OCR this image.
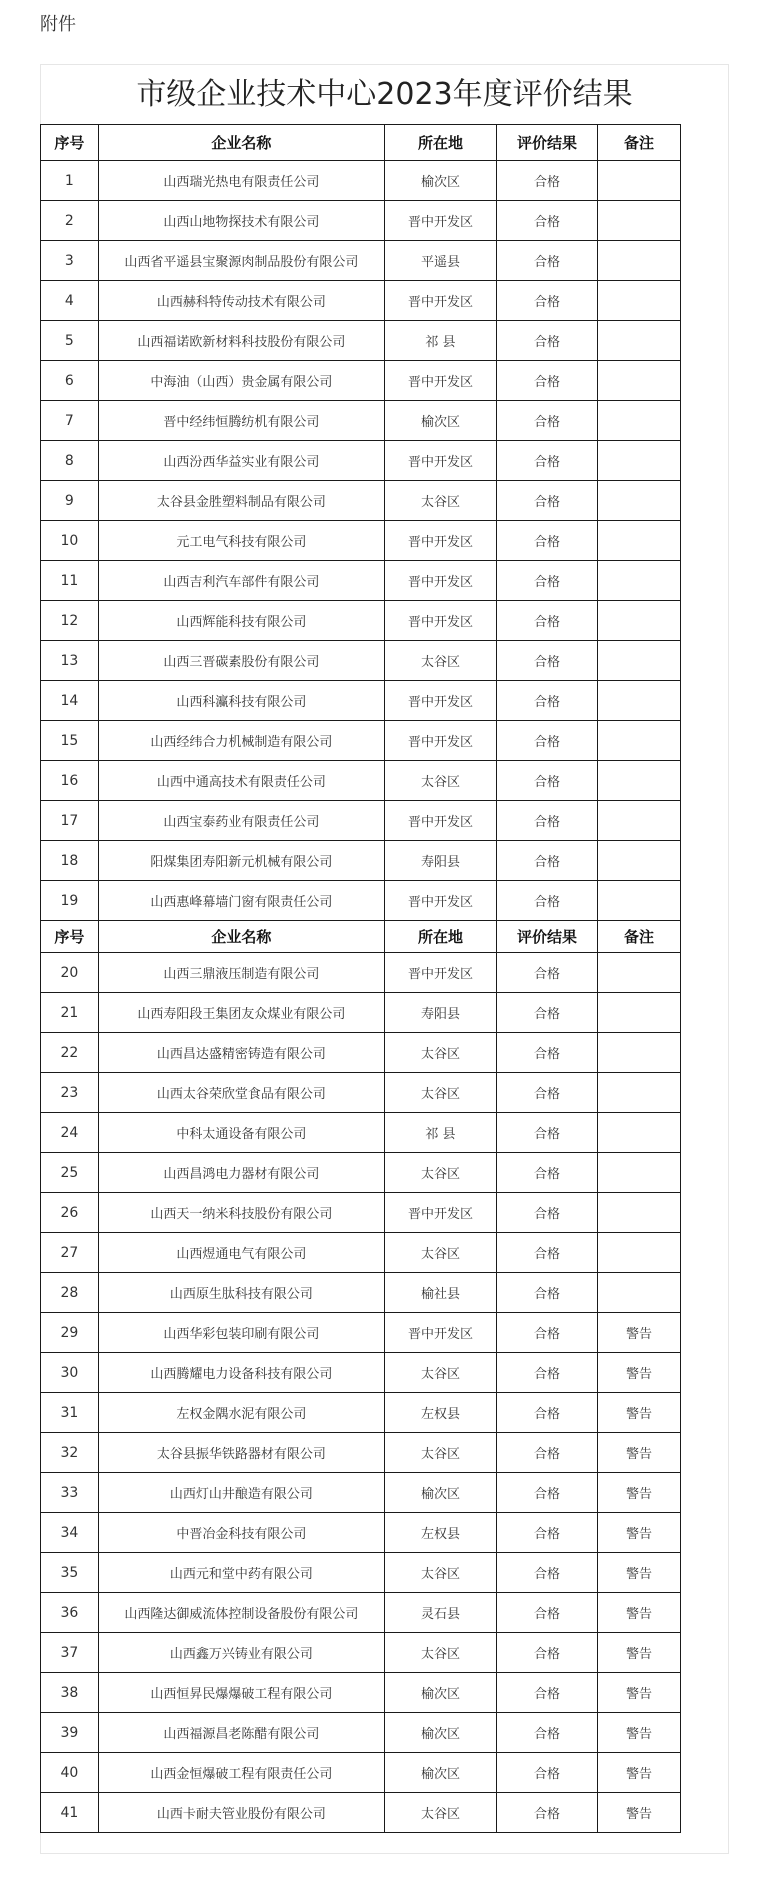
附件
市级企业技术中心2023年度评价结果
序号	企业名称	所在地	评价结果	备注
1	山西瑞光热电有限责任公司	榆次区	合格	
2	山西山地物探技术有限公司	晋中开发区	合格	
3	山西省平遥县宝聚源肉制品股份有限公司	平遥县	合格	
4	山西赫科特传动技术有限公司	晋中开发区	合格	
5	山西福诺欧新材料科技股份有限公司	祁 县	合格	
6	中海油（山西）贵金属有限公司	晋中开发区	合格	
7	晋中经纬恒腾纺机有限公司	榆次区	合格	
8	山西汾西华益实业有限公司	晋中开发区	合格	
9	太谷县金胜塑料制品有限公司	太谷区	合格	
10	元工电气科技有限公司	晋中开发区	合格	
11	山西吉利汽车部件有限公司	晋中开发区	合格	
12	山西辉能科技有限公司	晋中开发区	合格	
13	山西三晋碳素股份有限公司	太谷区	合格	
14	山西科灜科技有限公司	晋中开发区	合格	
15	山西经纬合力机械制造有限公司	晋中开发区	合格	
16	山西中通高技术有限责任公司	太谷区	合格	
17	山西宝泰药业有限责任公司	晋中开发区	合格	
18	阳煤集团寿阳新元机械有限公司	寿阳县	合格	
19	山西惠峰幕墙门窗有限责任公司	晋中开发区	合格	
序号	企业名称	所在地	评价结果	备注
20	山西三鼎液压制造有限公司	晋中开发区	合格	
21	山西寿阳段王集团友众煤业有限公司	寿阳县	合格	
22	山西昌达盛精密铸造有限公司	太谷区	合格	
23	山西太谷荣欣堂食品有限公司	太谷区	合格	
24	中科太通设备有限公司	祁 县	合格	
25	山西昌鸿电力器材有限公司	太谷区	合格	
26	山西天一纳米科技股份有限公司	晋中开发区	合格	
27	山西煜通电气有限公司	太谷区	合格	
28	山西原生肽科技有限公司	榆社县	合格	
29	山西华彩包装印刷有限公司	晋中开发区	合格	警告
30	山西腾耀电力设备科技有限公司	太谷区	合格	警告
31	左权金隅水泥有限公司	左权县	合格	警告
32	太谷县振华铁路器材有限公司	太谷区	合格	警告
33	山西灯山井酿造有限公司	榆次区	合格	警告
34	中晋冶金科技有限公司	左权县	合格	警告
35	山西元和堂中药有限公司	太谷区	合格	警告
36	山西隆达御威流体控制设备股份有限公司	灵石县	合格	警告
37	山西鑫万兴铸业有限公司	太谷区	合格	警告
38	山西恒昇民爆爆破工程有限公司	榆次区	合格	警告
39	山西福源昌老陈醋有限公司	榆次区	合格	警告
40	山西金恒爆破工程有限责任公司	榆次区	合格	警告
41	山西卡耐夫管业股份有限公司	太谷区	合格	警告
